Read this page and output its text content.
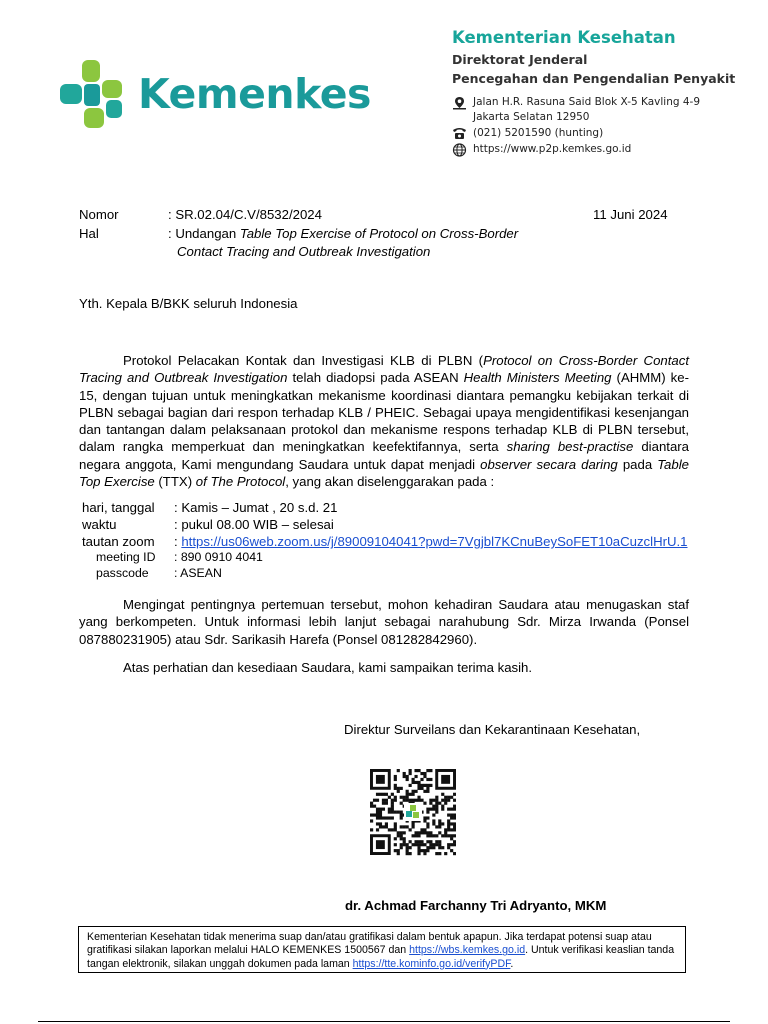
Kemenkes
Kementerian Kesehatan
Direktorat Jenderal
Pencegahan dan Pengendalian Penyakit
Jalan H.R. Rasuna Said Blok X-5 Kavling 4-9
Jakarta Selatan 12950
(021) 5201590 (hunting)
https://www.p2p.kemkes.go.id
Nomor	: SR.02.04/C.V/8532/2024	11 Juni 2024
Hal	: Undangan Table Top Exercise of Protocol on Cross-Border
Contact Tracing and Outbreak Investigation
Yth. Kepala B/BKK seluruh Indonesia

Protokol Pelacakan Kontak dan Investigasi KLB di PLBN (Protocol on Cross-Border Contact Tracing and Outbreak Investigation telah diadopsi pada ASEAN Health Ministers Meeting (AHMM) ke-15, dengan tujuan untuk meningkatkan mekanisme koordinasi diantara pemangku kebijakan terkait di PLBN sebagai bagian dari respon terhadap KLB / PHEIC. Sebagai upaya mengidentifikasi kesenjangan dan tantangan dalam pelaksanaan protokol dan mekanisme respons terhadap KLB di PLBN tersebut, dalam rangka memperkuat dan meningkatkan keefektifannya, serta sharing best-practise diantara negara anggota, Kami mengundang Saudara untuk dapat menjadi observer secara daring pada Table Top Exercise (TTX) of The Protocol, yang akan diselenggarakan pada :

hari, tanggal : Kamis – Jumat , 20 s.d. 21
waktu	: pukul 08.00 WIB – selesai
tautan zoom : https://us06web.zoom.us/j/89009104041?pwd=7Vgjbl7KCnuBeySoFET10aCuzclHrU.1
meeting ID : 890 0910 4041
passcode : ASEAN

Mengingat pentingnya pertemuan tersebut, mohon kehadiran Saudara atau menugaskan staf yang berkompeten. Untuk informasi lebih lanjut sebagai narahubung Sdr. Mirza Irwanda (Ponsel 087880231905) atau Sdr. Sarikasih Harefa (Ponsel 081282842960).

Atas perhatian dan kesediaan Saudara, kami sampaikan terima kasih.

Direktur Surveilans dan Kekarantinaan Kesehatan,
dr. Achmad Farchanny Tri Adryanto, MKM
Kementerian Kesehatan tidak menerima suap dan/atau gratifikasi dalam bentuk apapun. Jika terdapat potensi suap atau gratifikasi silakan laporkan melalui HALO KEMENKES 1500567 dan https://wbs.kemkes.go.id. Untuk verifikasi keaslian tanda tangan elektronik, silakan unggah dokumen pada laman https://tte.kominfo.go.id/verifyPDF.
